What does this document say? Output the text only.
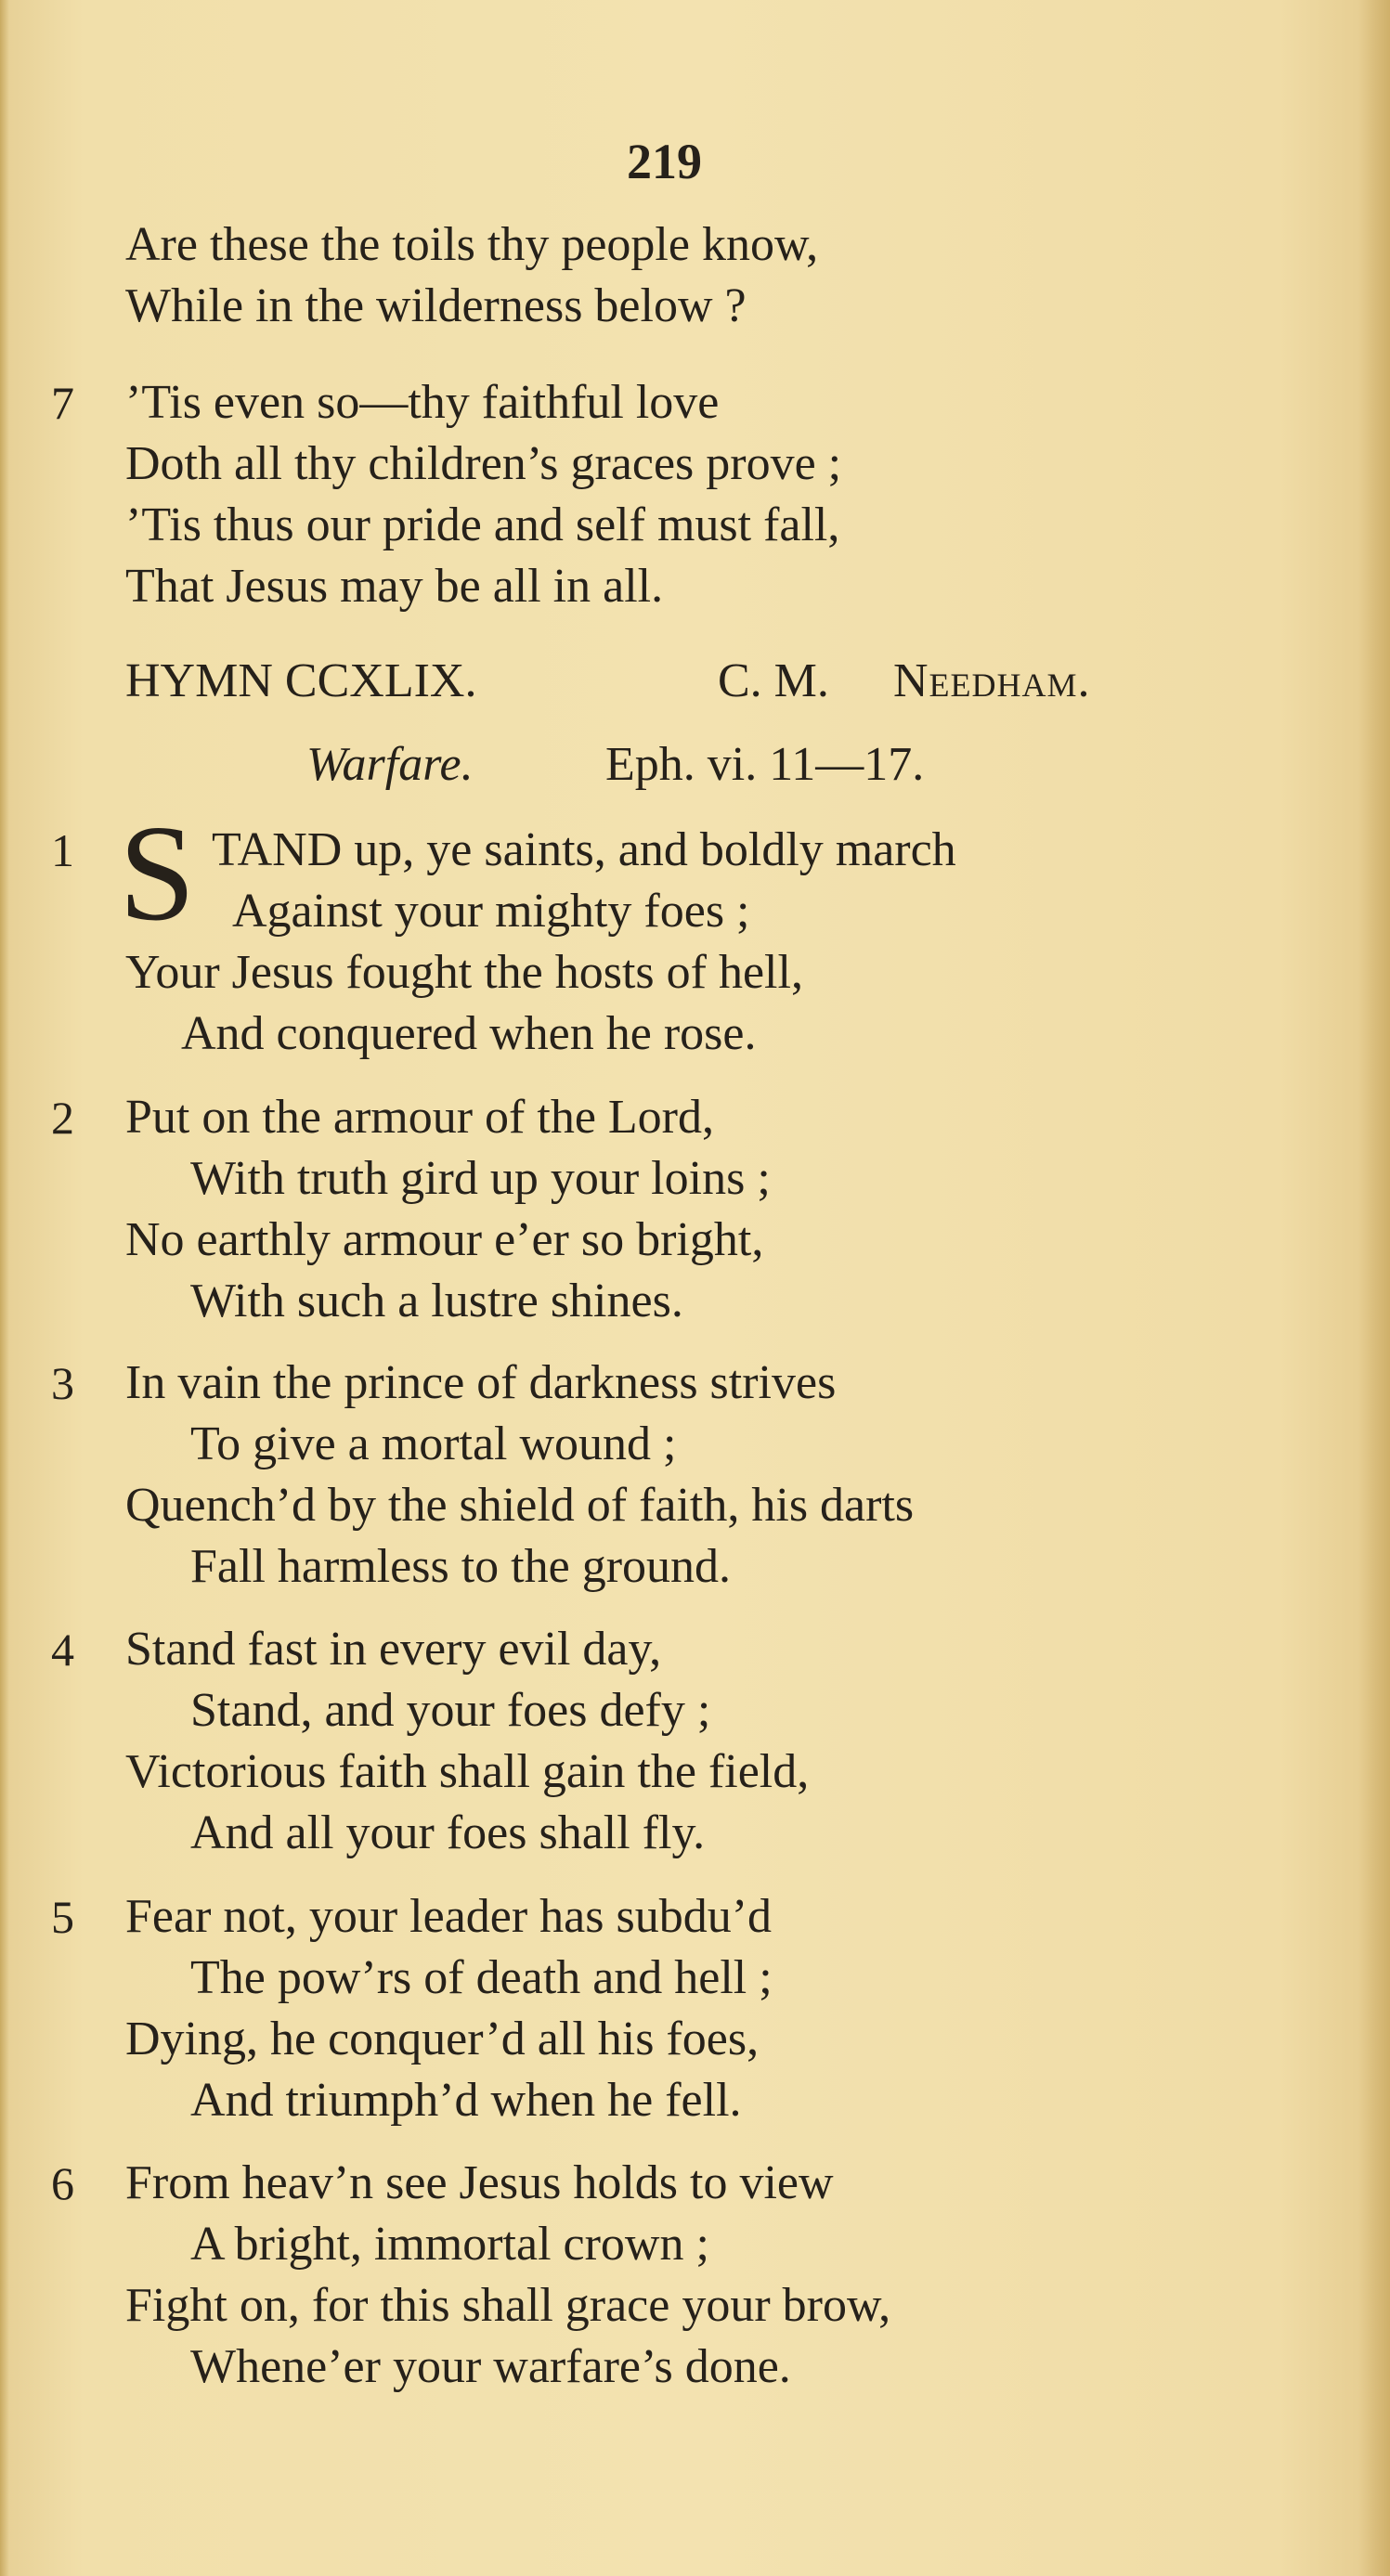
219
Are these the toils thy people know,
While in the wilderness below ?
7 ’Tis even so—thy faithful love
Doth all thy children’s graces prove ;
’Tis thus our pride and self must fall,
That Jesus may be all in all.
HYMN CCXLIX.	C. M. Needham.
Warfare.	Eph. vi. 11—17.
1 S TAND up, ye saints, and boldly march
Against your mighty foes ;
Your Jesus fought the hosts of hell,
And conquered when he rose.
2 Put on the armour of the Lord,
With truth gird up your loins ;
No earthly armour e’er so bright,
With such a lustre shines.
3 In vain the prince of darkness strives
To give a mortal wound ;
Quench’d by the shield of faith, his darts
Fall harmless to the ground.
4 Stand fast in every evil day,
Stand, and your foes defy ;
Victorious faith shall gain the field,
And all your foes shall fly.
5 Fear not, your leader has subdu’d
The pow’rs of death and hell ;
Dying, he conquer’d all his foes,
And triumph’d when he fell.
6 From heav’n see Jesus holds to view
A bright, immortal crown ;
Fight on, for this shall grace your brow,
Whene’er your warfare’s done.
